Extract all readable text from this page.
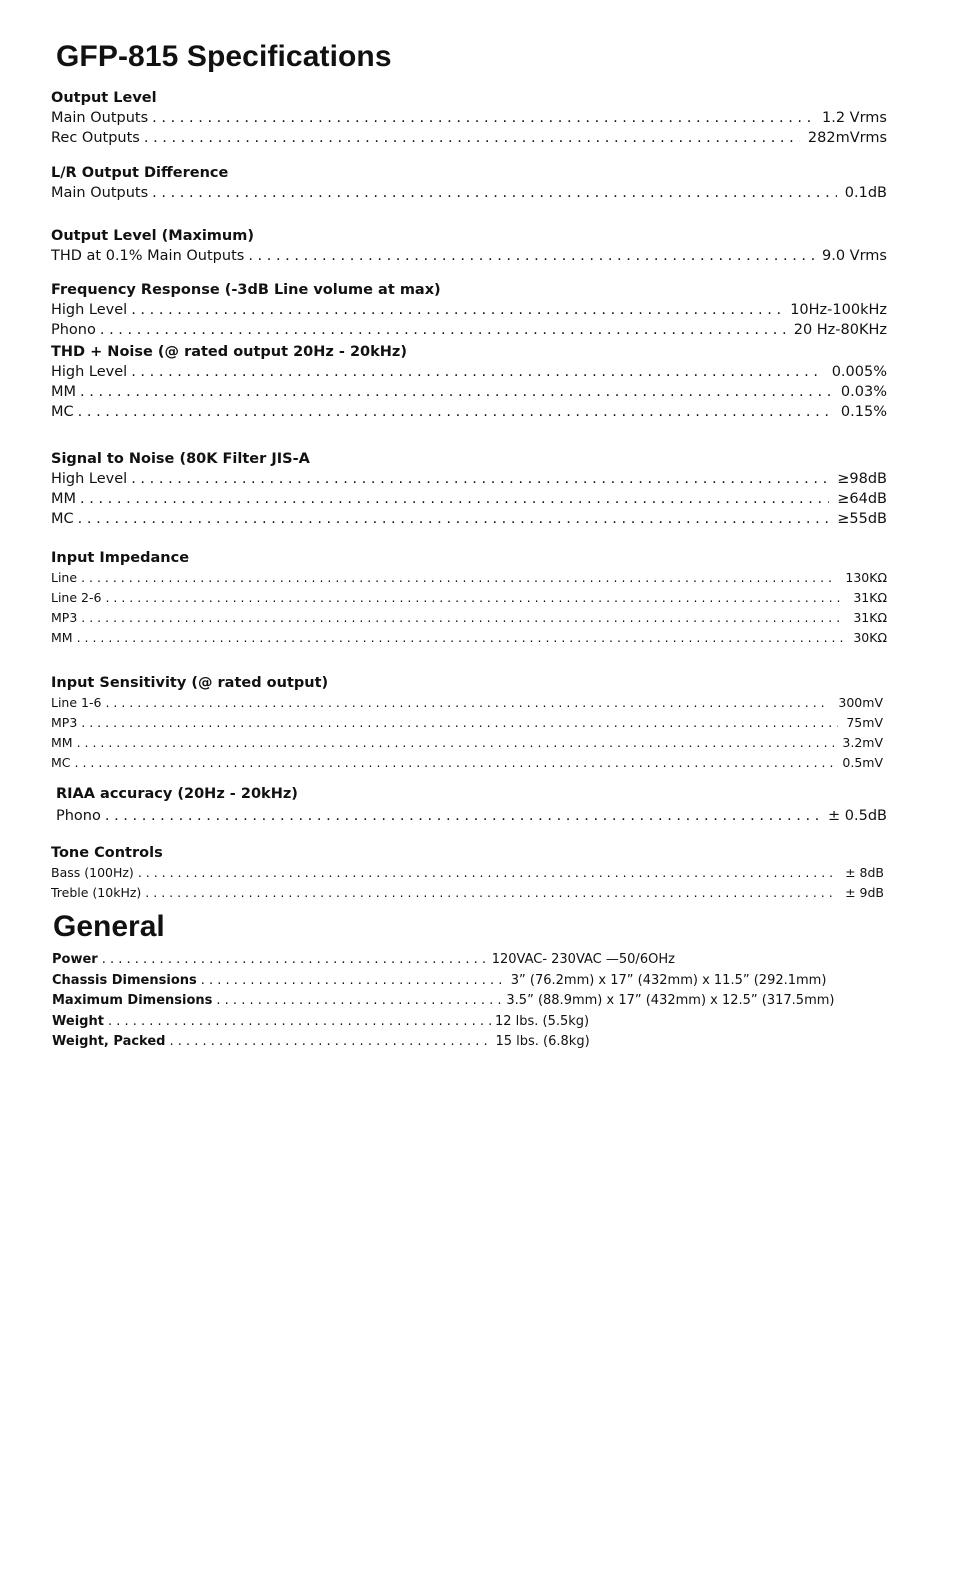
GFP-815 Specifications
Output Level
Main Outputs . . .	1.2 Vrms
Rec Outputs . . .	282mVrms
L/R Output Difference
Main Outputs . . .	0.1dB
Output Level (Maximum)
THD at 0.1% Main Outputs . . .	9.0 Vrms
Frequency Response (-3dB Line volume at max)
High Level . . .	10Hz-100kHz
Phono . . .	20 Hz-80KHz
THD + Noise (@ rated output 20Hz - 20kHz)
High Level . . .	0.005%
MM . . .	0.03%
MC . . .	0.15%
Signal to Noise (80K Filter JIS-A
High Level . . .	≥98dB
MM . . .	≥64dB
MC . . .	≥55dB
Input Impedance
Line . . .	130KΩ
Line 2-6 . . .	31KΩ
MP3 . . .	31KΩ
MM . . .	30KΩ
Input Sensitivity (@ rated output)
Line 1-6 . . .	300mV
MP3 . . .	75mV
MM . . .	3.2mV
MC . . .	0.5mV
RIAA accuracy (20Hz - 20kHz)
Phono . . .	± 0.5dB
Tone Controls
Bass (100Hz) . . .	± 8dB
Treble (10kHz) . . .	± 9dB
General
Power . . .	120VAC- 230VAC —50/6OHz
Chassis Dimensions . . .	3” (76.2mm) x 17” (432mm) x 11.5” (292.1mm)
Maximum Dimensions . . .	3.5” (88.9mm) x 17” (432mm) x 12.5” (317.5mm)
Weight . . .	12 lbs. (5.5kg)
Weight, Packed . . .	15 lbs. (6.8kg)
